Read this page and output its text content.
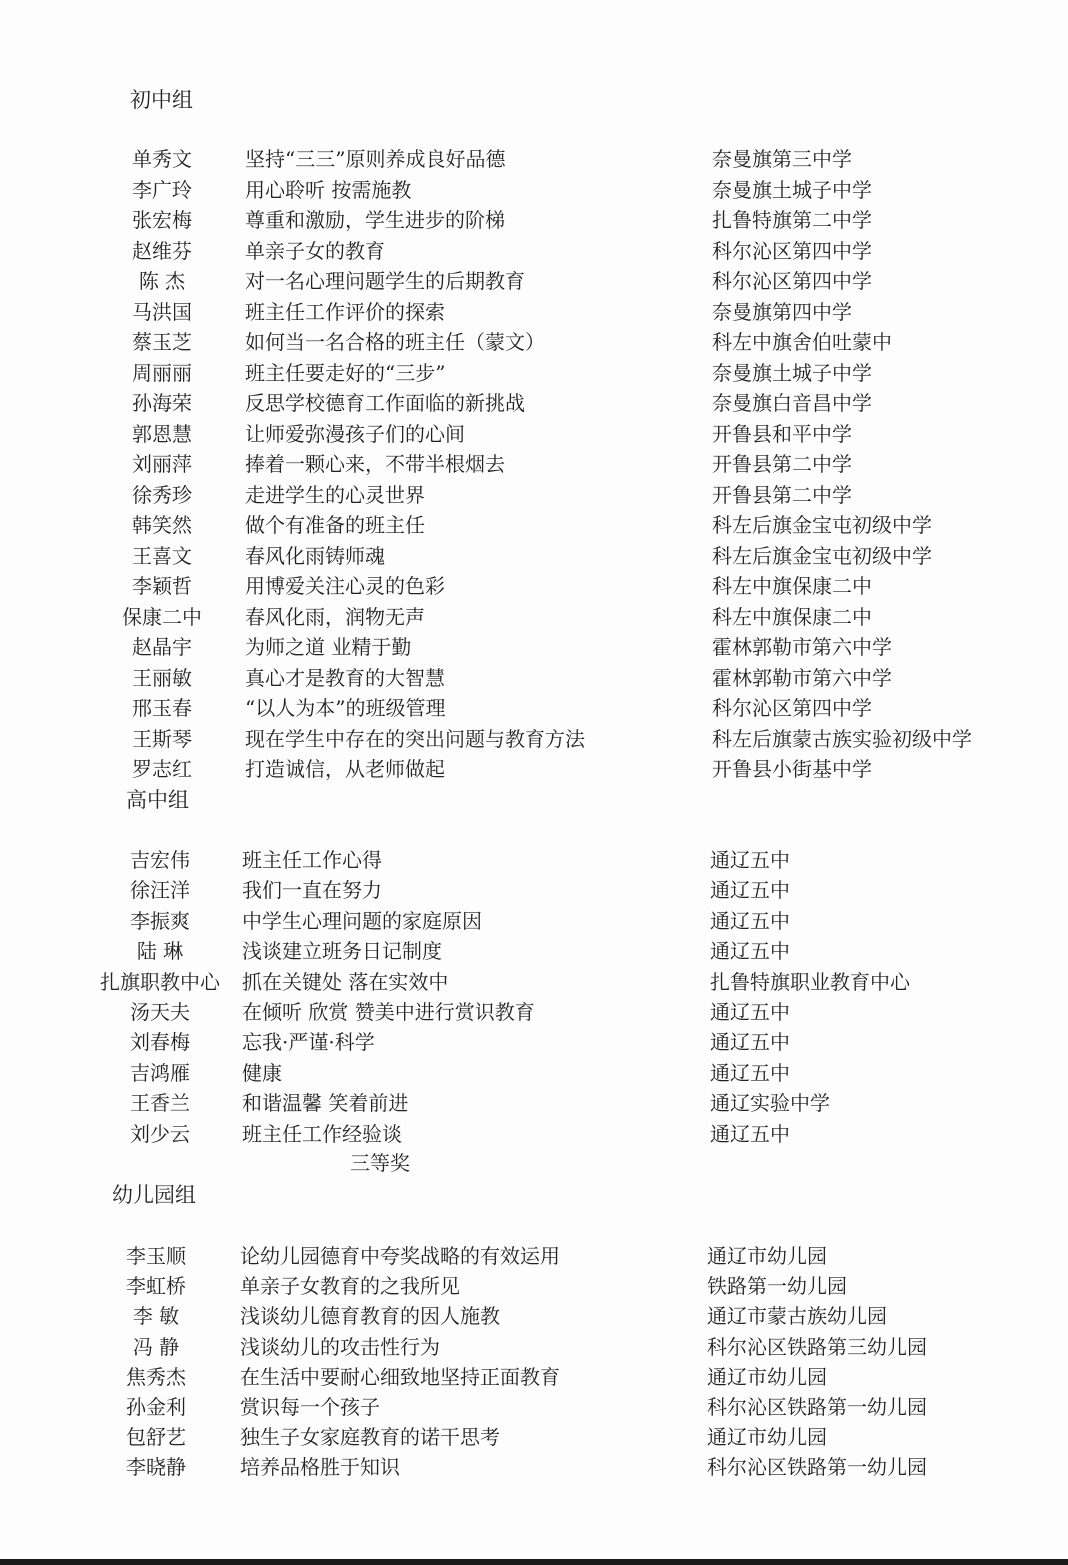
初中组
单秀文	坚持“三三”原则养成良好品德	奈曼旗第三中学
李广玲	用心聆听 按需施教	奈曼旗土城子中学
张宏梅	尊重和激励，学生进步的阶梯	扎鲁特旗第二中学
赵维芬	单亲子女的教育	科尔沁区第四中学
陈 杰	对一名心理问题学生的后期教育	科尔沁区第四中学
马洪国	班主任工作评价的探索	奈曼旗第四中学
蔡玉芝	如何当一名合格的班主任（蒙文）	科左中旗舍伯吐蒙中
周丽丽	班主任要走好的“三步”	奈曼旗土城子中学
孙海荣	反思学校德育工作面临的新挑战	奈曼旗白音昌中学
郭恩慧	让师爱弥漫孩子们的心间	开鲁县和平中学
刘丽萍	捧着一颗心来，不带半根烟去	开鲁县第二中学
徐秀珍	走进学生的心灵世界	开鲁县第二中学
韩笑然	做个有准备的班主任	科左后旗金宝屯初级中学
王喜文	春风化雨铸师魂	科左后旗金宝屯初级中学
李颖哲	用博爱关注心灵的色彩	科左中旗保康二中
保康二中	春风化雨，润物无声	科左中旗保康二中
赵晶宇	为师之道 业精于勤	霍林郭勒市第六中学
王丽敏	真心才是教育的大智慧	霍林郭勒市第六中学
邢玉春	“以人为本”的班级管理	科尔沁区第四中学
王斯琴	现在学生中存在的突出问题与教育方法	科左后旗蒙古族实验初级中学
罗志红	打造诚信，从老师做起	开鲁县小街基中学
高中组
吉宏伟	班主任工作心得	通辽五中
徐汪洋	我们一直在努力	通辽五中
李振爽	中学生心理问题的家庭原因	通辽五中
陆 琳	浅谈建立班务日记制度	通辽五中
扎旗职教中心	抓在关键处 落在实效中	扎鲁特旗职业教育中心
汤天夫	在倾听 欣赏 赞美中进行赏识教育	通辽五中
刘春梅	忘我·严谨·科学	通辽五中
吉鸿雁	健康	通辽五中
王香兰	和谐温馨 笑着前进	通辽实验中学
刘少云	班主任工作经验谈	通辽五中
三等奖
幼儿园组
李玉顺	论幼儿园德育中夸奖战略的有效运用	通辽市幼儿园
李虹桥	单亲子女教育的之我所见	铁路第一幼儿园
李 敏	浅谈幼儿德育教育的因人施教	通辽市蒙古族幼儿园
冯 静	浅谈幼儿的攻击性行为	科尔沁区铁路第三幼儿园
焦秀杰	在生活中要耐心细致地坚持正面教育	通辽市幼儿园
孙金利	赏识每一个孩子	科尔沁区铁路第一幼儿园
包舒艺	独生子女家庭教育的诺干思考	通辽市幼儿园
李晓静	培养品格胜于知识	科尔沁区铁路第一幼儿园
